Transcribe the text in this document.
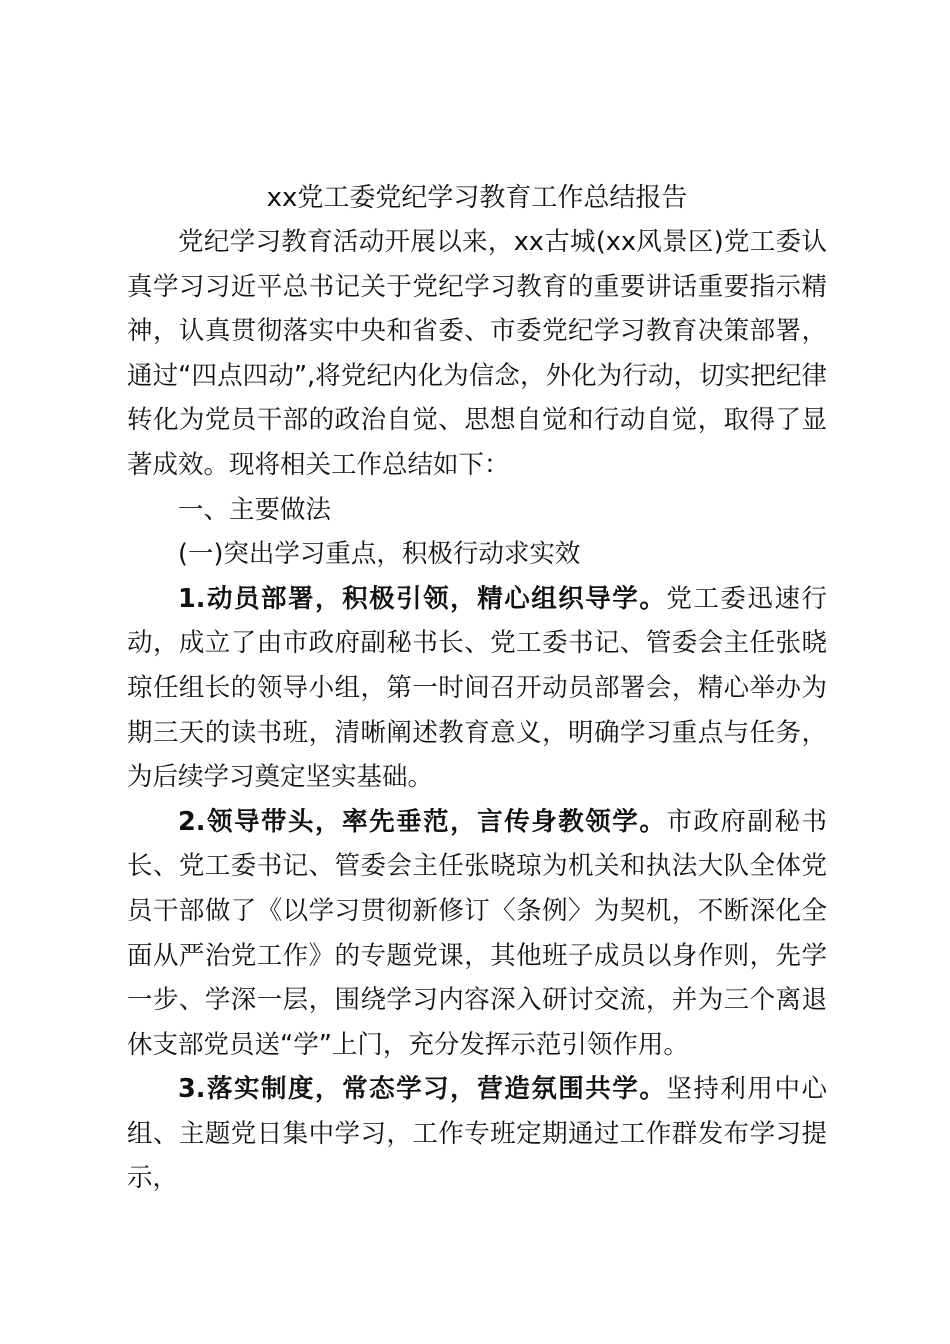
xx党工委党纪学习教育工作总结报告

党纪学习教育活动开展以来，xx古城(xx风景区)党工委认真学习习近平总书记关于党纪学习教育的重要讲话重要指示精神，认真贯彻落实中央和省委、市委党纪学习教育决策部署，通过“四点四动”,将党纪内化为信念，外化为行动，切实把纪律转化为党员干部的政治自觉、思想自觉和行动自觉，取得了显著成效。现将相关工作总结如下：

一、主要做法

(一)突出学习重点，积极行动求实效

1.动员部署，积极引领，精心组织导学。党工委迅速行动，成立了由市政府副秘书长、党工委书记、管委会主任张晓琼任组长的领导小组，第一时间召开动员部署会，精心举办为期三天的读书班，清晰阐述教育意义，明确学习重点与任务，为后续学习奠定坚实基础。

2.领导带头，率先垂范，言传身教领学。市政府副秘书长、党工委书记、管委会主任张晓琼为机关和执法大队全体党员干部做了《以学习贯彻新修订〈条例〉为契机，不断深化全面从严治党工作》的专题党课，其他班子成员以身作则，先学一步、学深一层，围绕学习内容深入研讨交流，并为三个离退休支部党员送“学”上门，充分发挥示范引领作用。

3.落实制度，常态学习，营造氛围共学。坚持利用中心组、主题党日集中学习，工作专班定期通过工作群发布学习提示，
